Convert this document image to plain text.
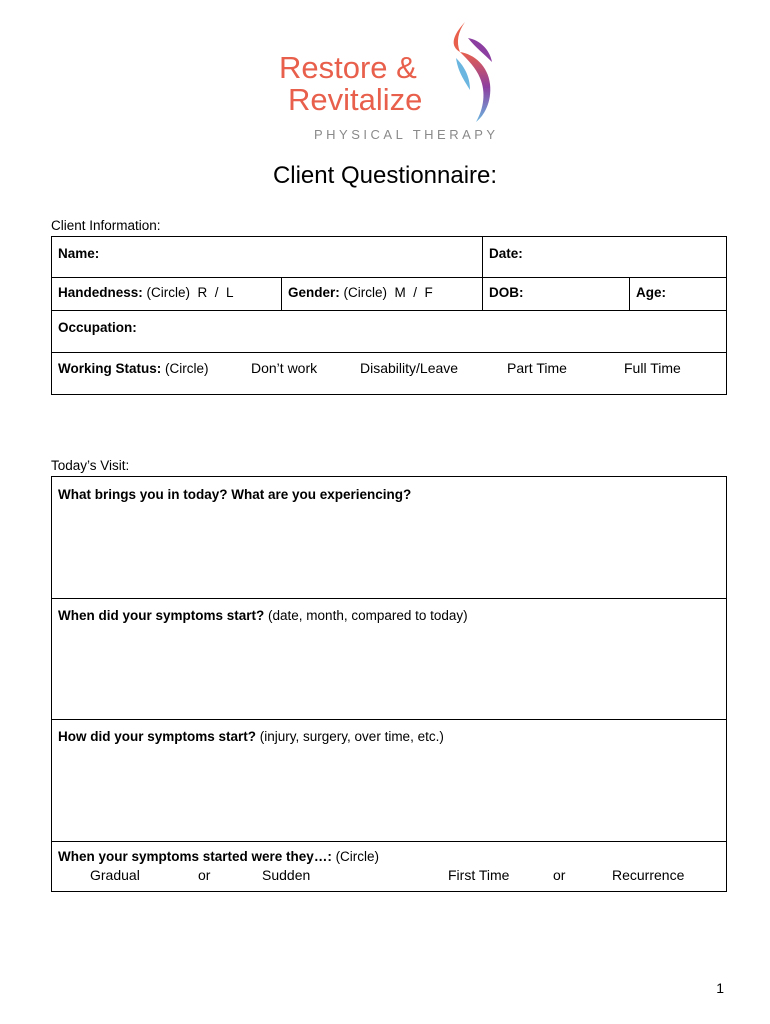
Restore &
Revitalize
PHYSICAL THERAPY
Client Questionnaire:
Client Information:
Name:		Date:	
Handedness: (Circle)  R  /  L	Gender: (Circle)  M  /  F	DOB:	Age:
Occupation:			
Working Status: (Circle)				Don’t work	Disability/Leave	Part Time	Full Time
Today’s Visit:
What brings you in today? What are you experiencing?
When did your symptoms start? (date, month, compared to today)
How did your symptoms start? (injury, surgery, over time, etc.)
When your symptoms started were they…: (Circle)
Gradual	or	Sudden	First Time	or	Recurrence
1
